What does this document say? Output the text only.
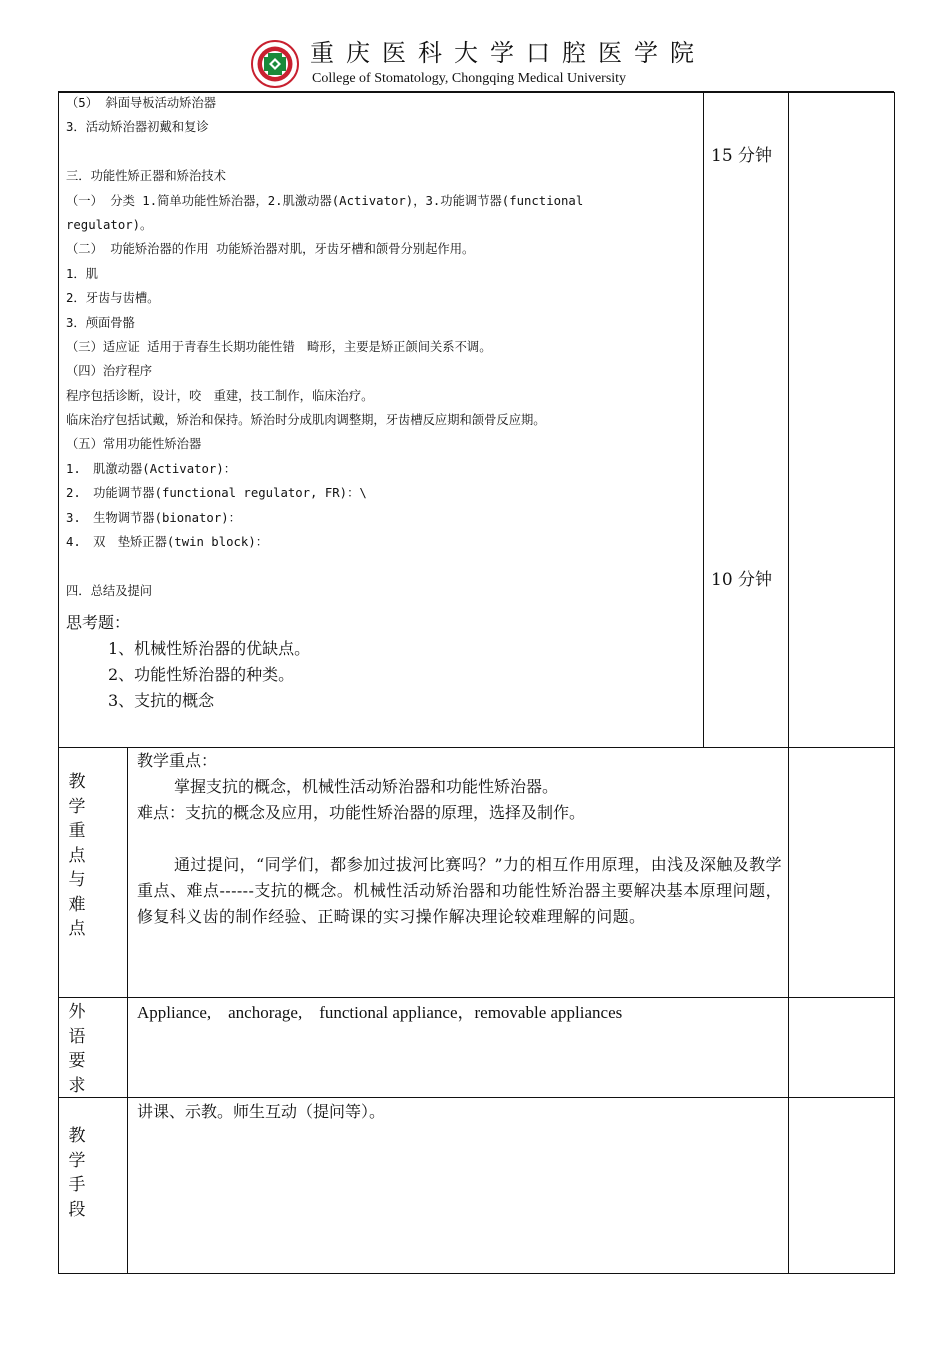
重庆医科大学口腔医学院
College of Stomatology, Chongqing Medical University
（5） 斜面导板活动矫治器
3．活动矫治器初戴和复诊
三．功能性矫正器和矫治技术
（一） 分类 1.简单功能性矫治器，2.肌激动器(Activator)，3.功能调节器(functional
regulator)。
（二） 功能矫治器的作用 功能矫治器对肌，牙齿牙槽和颌骨分别起作用。
1．肌
2．牙齿与齿槽。
3．颅面骨骼
（三）适应证 适用于青春生长期功能性错　畸形，主要是矫正颌间关系不调。
（四）治疗程序
程序包括诊断，设计，咬　重建，技工制作，临床治疗。
临床治疗包括试戴，矫治和保持。矫治时分成肌肉调整期，牙齿槽反应期和颌骨反应期。
（五）常用功能性矫治器
1.　肌激动器(Activator)：
2.　功能调节器(functional regulator, FR)：\
3.　生物调节器(bionator)：
4.　双　垫矫正器(twin block)：
四．总结及提问
思考题：
1、机械性矫治器的优缺点。
2、功能性矫治器的种类。
3、支抗的概念
15 分钟
10 分钟
教
学
重
点
与
难
点
教学重点：
掌握支抗的概念，机械性活动矫治器和功能性矫治器。
难点：支抗的概念及应用，功能性矫治器的原理，选择及制作。
通过提问，“同学们，都参加过拔河比赛吗？”力的相互作用原理，由浅及深触及教学重点、难点------支抗的概念。机械性活动矫治器和功能性矫治器主要解决基本原理问题，修复科义齿的制作经验、正畸课的实习操作解决理论较难理解的问题。
外
语
要
求
Appliance,　anchorage,　functional appliance，removable appliances
教
学
手
段
讲课、示教。师生互动（提问等）。
